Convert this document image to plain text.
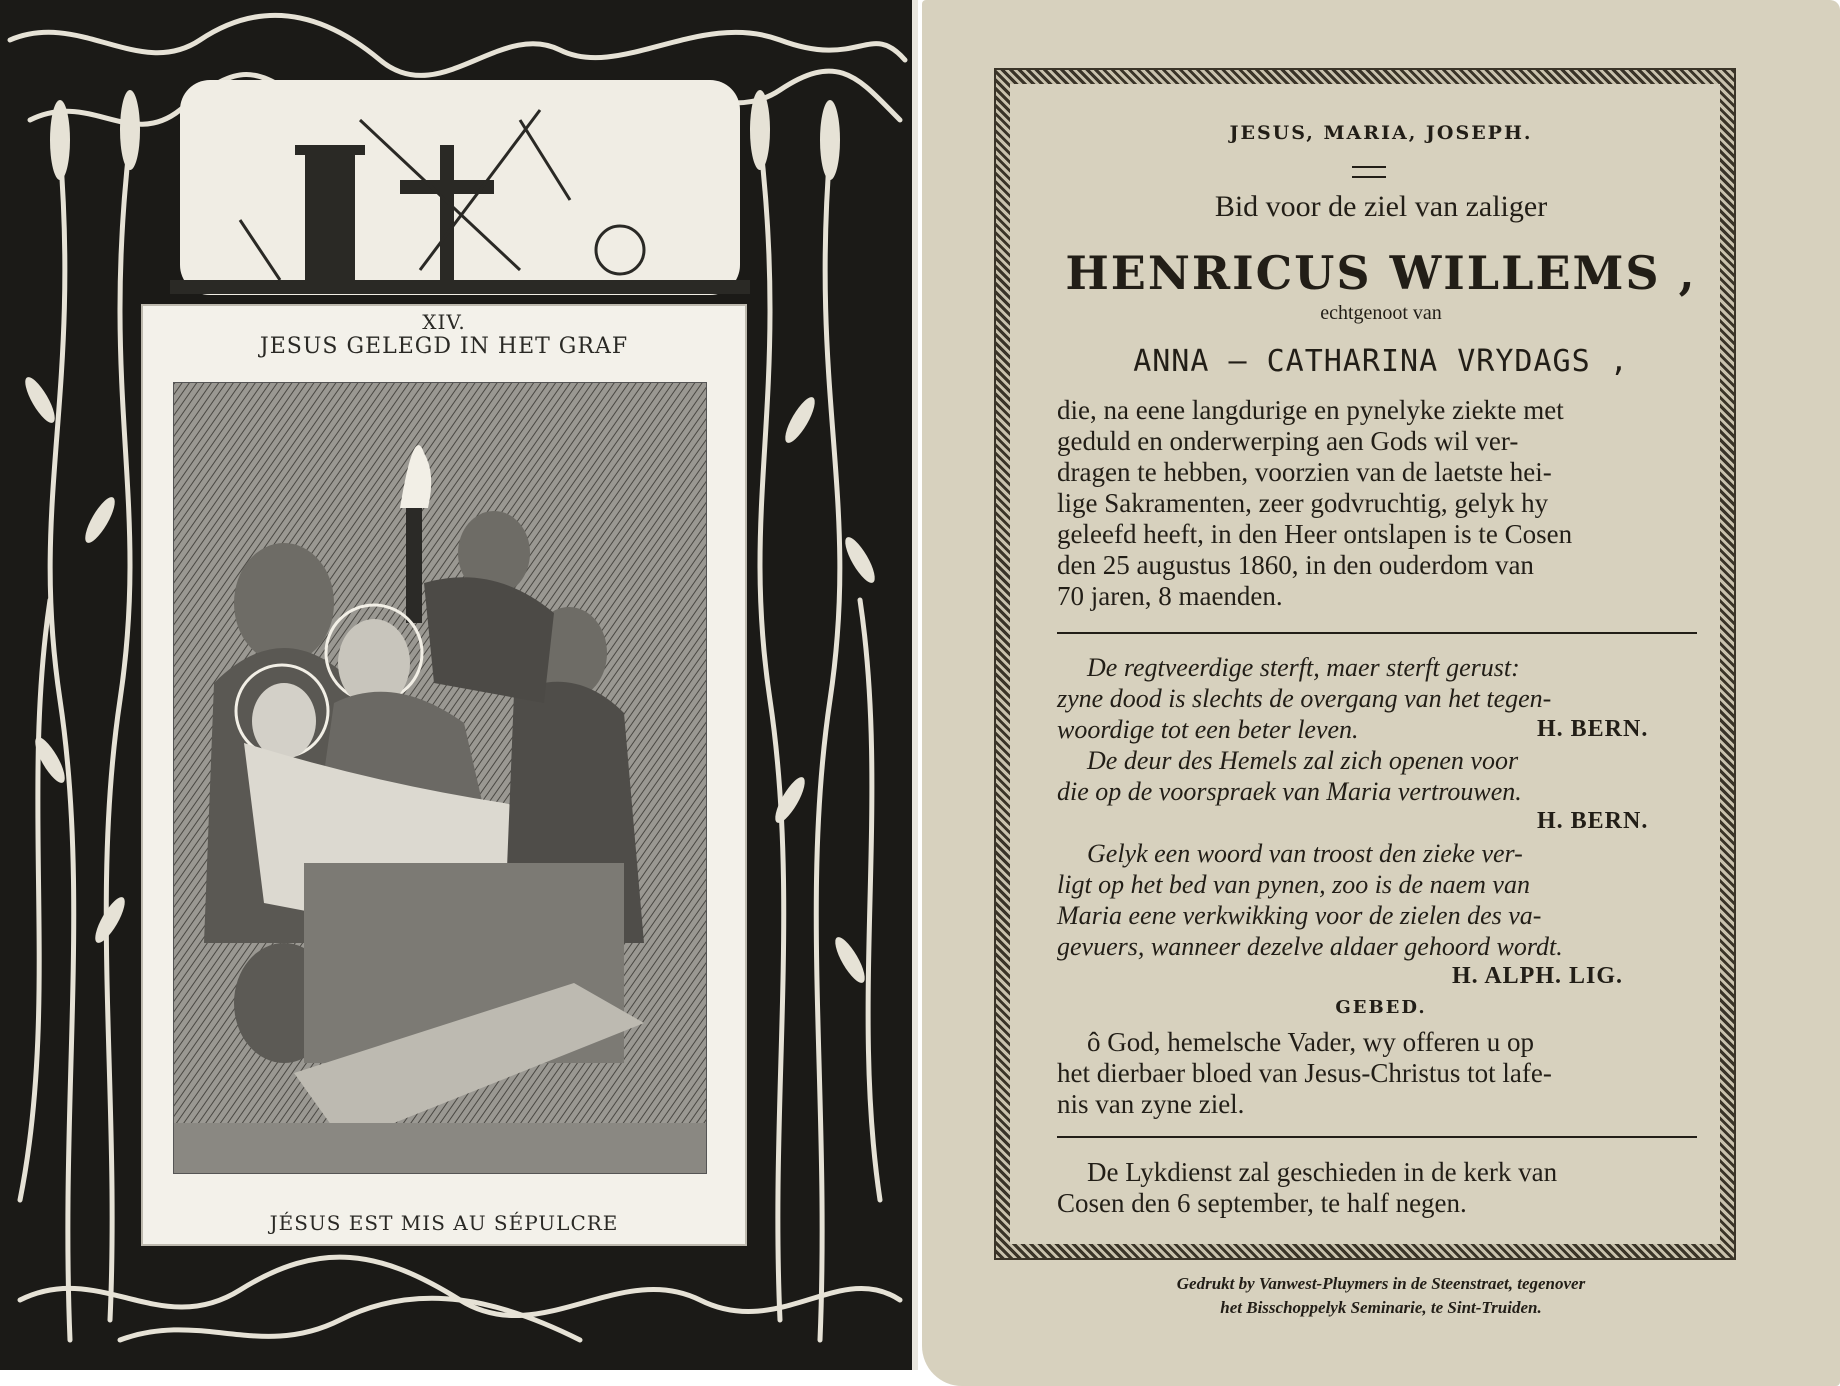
XIV.
JESUS GELEGD IN HET GRAF
JÉSUS EST MIS AU SÉPULCRE
JESUS, MARIA, JOSEPH.
Bid voor de ziel van zaliger
HENRICUS WILLEMS ,
echtgenoot van
ANNA – CATHARINA VRYDAGS ,
die, na eene langdurige en pynelyke ziekte met
geduld en onderwerping aen Gods wil ver-
dragen te hebben, voorzien van de laetste hei-
lige Sakramenten, zeer godvruchtig, gelyk hy
geleefd heeft, in den Heer ontslapen is te Cosen
den 25 augustus 1860, in den ouderdom van
70 jaren, 8 maenden.
De regtveerdige sterft, maer sterft gerust:
zyne dood is slechts de overgang van het tegen-
woordige tot een beter leven.	H. BERN.
De deur des Hemels zal zich openen voor
die op de voorspraek van Maria vertrouwen.
H. BERN.
Gelyk een woord van troost den zieke ver-
ligt op het bed van pynen, zoo is de naem van
Maria eene verkwikking voor de zielen des va-
gevuers, wanneer dezelve aldaer gehoord wordt.
H. ALPH. LIG.
GEBED.
ô God, hemelsche Vader, wy offeren u op
het dierbaer bloed van Jesus-Christus tot lafe-
nis van zyne ziel.
De Lykdienst zal geschieden in de kerk van
Cosen den 6 september, te half negen.
Gedrukt by Vanwest-Pluymers in de Steenstraet, tegenover
het Bisschoppelyk Seminarie, te Sint-Truiden.
